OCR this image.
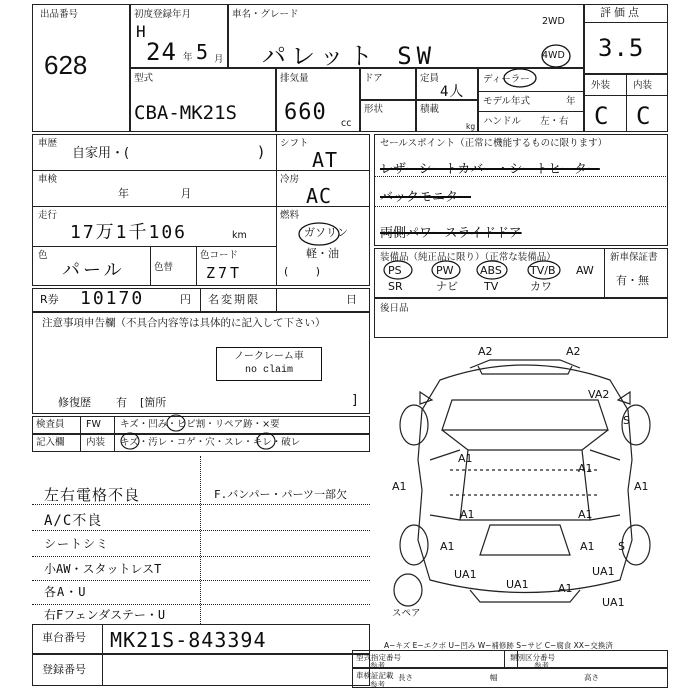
出品番号
628
初度登録年月
H
24 年 5 月
車名・グレード
パレット SW
2WD
4WD
評価点
3.5
型式
CBA-MK21S
排気量
660 cc
ドア
形状
定員
4人
積載
kg
ディーラー
モデル年式	年
ハンドル 左・右
外装 内装
C C
車歴
自家用・(	)
車検
年 月
走行
17万1千106	km
色
パール	色替
色コード
Z7T
シフト
AT
冷房
AC
燃料
ガソリン
軽・油
( )
セールスポイント（正常に機能するものに限ります）
レザーシートカバー・シートヒーター
バックモニター
両側パワースライドドア
装備品（純正品に限り）（正常な装備品）	新車保証書
有・無
PS	PW ABS	TV/B AW
SR	ナビ TV	カワ
R券 10170	円 名変期限	日
後日品
注意事項申告欄（不具合内容等は具体的に記入して下さい）
ノークレーム車
no claim
修復歴 有 [箇所	]
検査員 FW キズ・凹み・ヒビ割・リペア跡・×要
記入欄 内装 キズ・汚レ・コゲ・穴・スレ・キレ・破レ
左右電格不良	F.バンパー・パーツ一部欠
A/C不良
シートシミ
小AW・スタットレスT
各A・U
右Fフェンダステー・U
A2	A2
VA2
S
A1
A1
A1	A1
A1	A1
A1	A1 S
UA1
UA1
UA1
A1
UA1
スペア
A−キズ E−エクボ U−凹み W−補修跡 S−サビ C−腐食 XX−交換済
車台番号 MK21S-843394
登録番号
型式指定番号
参考
類別区分番号
参考
車検証記載
参考
長さ	幅	高さ
